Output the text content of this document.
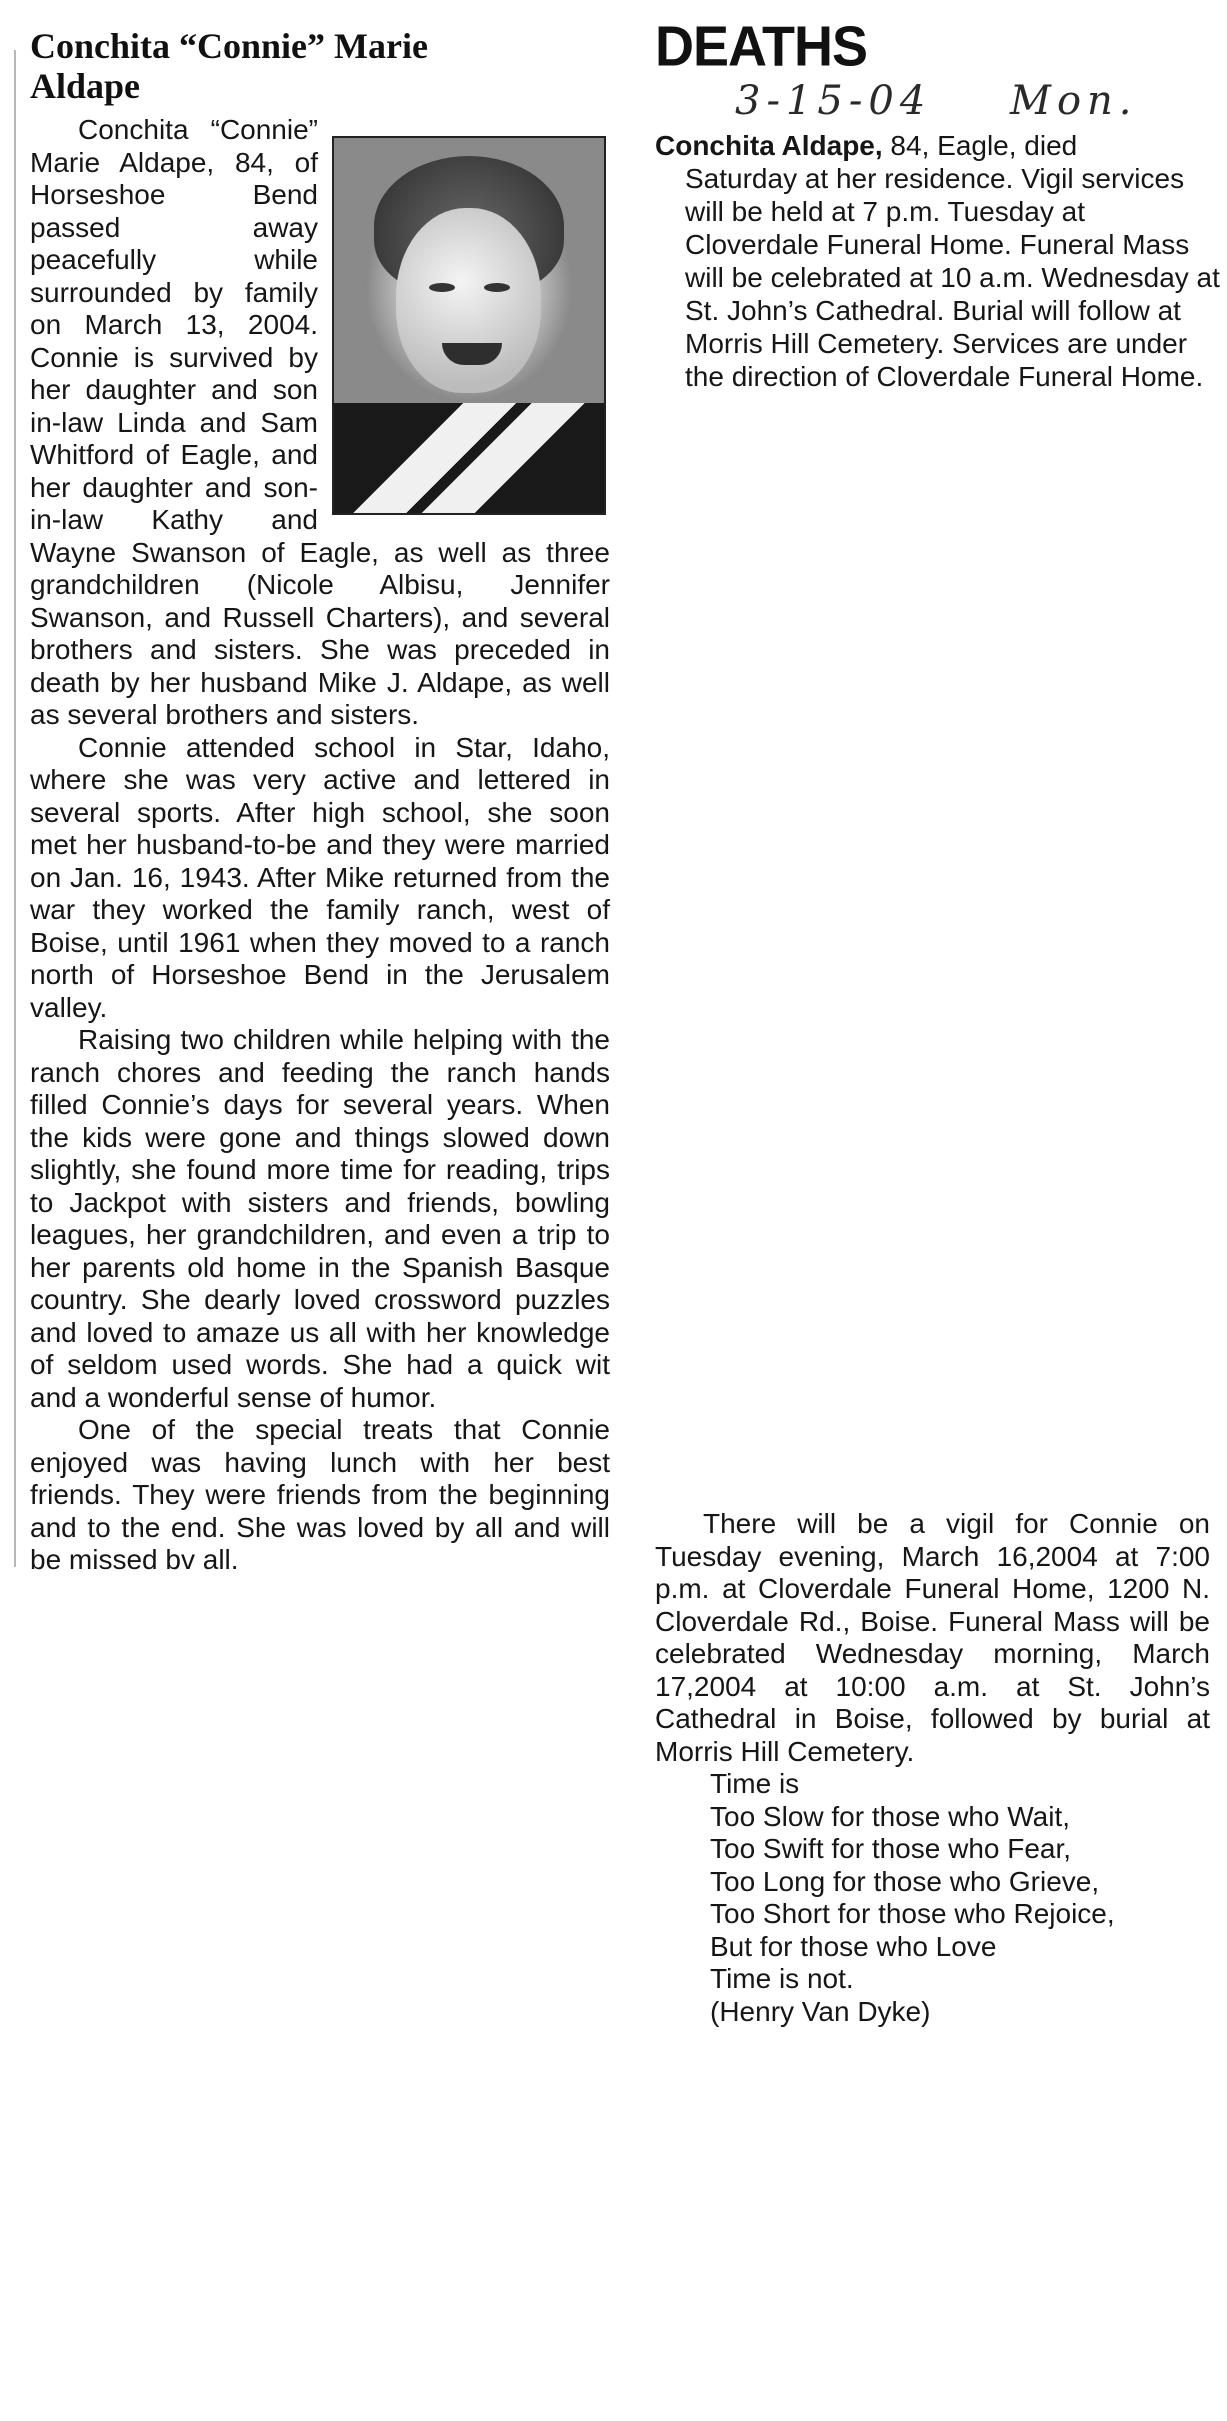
Conchita “Connie” Marie
Aldape

Conchita “Connie” Marie Aldape, 84, of Horseshoe Bend passed away peacefully while surrounded by family on March 13, 2004. Connie is survived by her daughter and son in-law Linda and Sam Whitford of Eagle, and her daughter and son-in-law Kathy and Wayne Swanson of Eagle, as well as three grandchildren (Nicole Albisu, Jennifer Swanson, and Russell Charters), and several brothers and sisters. She was preceded in death by her husband Mike J. Aldape, as well as several brothers and sisters.

Connie attended school in Star, Idaho, where she was very active and lettered in several sports. After high school, she soon met her husband-to-be and they were married on Jan. 16, 1943. After Mike returned from the war they worked the family ranch, west of Boise, until 1961 when they moved to a ranch north of Horseshoe Bend in the Jerusalem valley.

Raising two children while helping with the ranch chores and feeding the ranch hands filled Connie’s days for several years. When the kids were gone and things slowed down slightly, she found more time for reading, trips to Jackpot with sisters and friends, bowling leagues, her grandchildren, and even a trip to her parents old home in the Spanish Basque country. She dearly loved crossword puzzles and loved to amaze us all with her knowledge of seldom used words. She had a quick wit and a wonderful sense of humor.

One of the special treats that Connie enjoyed was having lunch with her best friends. They were friends from the beginning and to the end. She was loved by all and will be missed bv all.

DEATHS
3-15-04 Mon.

Conchita Aldape, 84, Eagle, died
Saturday at her residence. Vigil services will be held at 7 p.m. Tuesday at Cloverdale Funeral Home. Funeral Mass will be celebrated at 10 a.m. Wednesday at St. John’s Cathedral. Burial will follow at Morris Hill Cemetery. Services are under the direction of Cloverdale Funeral Home.

There will be a vigil for Connie on Tuesday evening, March 16,2004 at 7:00 p.m. at Cloverdale Funeral Home, 1200 N. Cloverdale Rd., Boise. Funeral Mass will be celebrated Wednesday morning, March 17,2004 at 10:00 a.m. at St. John’s Cathedral in Boise, followed by burial at Morris Hill Cemetery.

Time is
Too Slow for those who Wait,
Too Swift for those who Fear,
Too Long for those who Grieve,
Too Short for those who Rejoice,
But for those who Love
Time is not.
(Henry Van Dyke)
